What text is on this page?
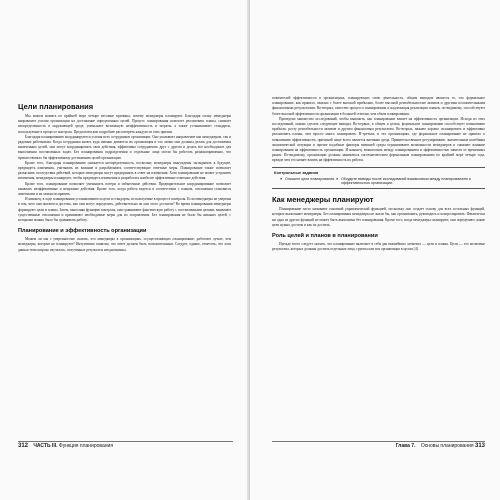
Цели планирования

Мы можем назвать по крайней мере четыре весомые причины, почему менеджеры планируют. Благодаря плану менеджеры направляют усилия организации на достижение определенных целей. Процесс планирования помогает реализовать планы, снижает неопределенность в окружающей среде, уменьшает возможную неэффективность и затраты, а также устанавливает стандарты, используемые в процессе контроля. Предлагаем вам подробнее рассмотреть каждую из этих причин.

Благодаря планированию координируются усилия всех сотрудников организации. Оно указывает направление как менеджерам, так и рядовым работникам. Когда сотрудники знают, куда именно движется их организация и что лично они должны делать для достижения намеченных целей, они могут координировать свои действия, эффективно сотрудничать друг с другом и делать все необходимое для выполнения поставленных задач. Без планирования подразделения и отдельные лица могли бы работать разнонаправленно, что препятствовало бы эффективному достижению целей организации.

Кроме того, благодаря планированию снижается неопределенность, поскольку менеджеры вынуждены заглядывать в будущее, предвидеть изменения, учитывать их влияние и разрабатывать соответствующие ответные меры. Планирование также позволяет разъяснить последствия действий, которые менеджеры могут предпринять в ответ на изменения. Хотя планирование не может устранить изменения, менеджеры планируют, чтобы предвидеть изменения и разработать наиболее эффективные ответные действия.

Кроме того, планирование позволяет уменьшить потери и избыточные действия. Предварительное координирование позволяет выявлять неэффективные и ненужные действия. Кроме того, когда работа ведется в соответствии с планом, отклонения становятся заметными и их можно исправить.

И наконец, в ходе планирования устанавливаются цели и стандарты, используемые в процессе контроля. Если менеджеры не уверены в том, чего они пытаются достичь, как они могут определить, действительно ли они этого достигли? Во время планирования менеджеры формируют цели и планы. Затем, выполняя функцию контроля, они сравнивают фактическую работу с поставленными целями, выявляют существенные отклонения и принимают необходимые меры для их исправления. Без планирования не было бы никаких целей, с которыми можно было бы сравнивать работу.

Планирование и эффективность организации

Можем ли мы с уверенностью сказать, что менеджеры в организациях, осуществляющих планирование, работают лучше, чем менеджеры, которые не планируют? Интуитивно понятно, что ответ должен быть положительным. Следует, однако, отметить, что хотя данная тема широко изучалась, полученные результаты неоднозначны.

312 ЧАСТЬ III. Функция планирования

показателей эффективности в организациях, планирующих свою деятельность, общим выводом является то, что формальное планирование, как правило, связано с более высокой прибылью, более высокой рентабельностью активов и другими положительными финансовыми результатами. Во-вторых, качество процесса планирования и надлежащая реализация планов, по-видимому, способствуют более высокой эффективности организации в большей степени, чем объем планирования.

Проведено множество исследований, чтобы выяснить, как планирование влияет на эффективность организации. Исходя из этих исследований, можно сделать следующие выводы. Во-первых, в общем и целом, формальное планирование способствует повышению прибыли, росту рентабельности активов и другим финансовым результатам. Во-вторых, важнее хорошо спланировать и эффективно реализовать планы, чем просто много планировать. В-третьих, в тех организациях, где формальное планирование не привело к повышению эффективности, причиной чаще всего является внешняя среда. Правительственное регулирование, значительные колебания экономической ситуации и прочие подобные факторы внешней среды ограничивают возможности менеджеров и снижают влияние планирования на эффективность организации. И наконец, взаимосвязь между планированием и эффективностью зависит от временных рамок. По-видимому, организации должны заниматься систематическим формальным планированием по крайней мере четыре года, прежде чем это начнет влиять на эффективность их работы.

Контрольные задания
● Опишите цели планирования. ● Обсудите выводы после исследований взаимосвязи между планированием и эффективностью организации.
Как менеджеры планируют

Планирование часто называют основной управленческой функцией, поскольку оно создает основу для всех остальных функций, которые выполняют менеджеры. Без планирования менеджеры не знали бы, как организовать, руководить и контролировать. Фактически ни одна из других функций не может быть выполнена без планирования. Кроме того, когда менеджеры планируют, они определяют, какие цели нужно достичь и как их достичь.

Роль целей и планов в планировании

Прежде всего следует сказать, что планирование включает в себя два важнейших элемента — цели и планы. Цели — это желаемые результаты, которых должны достичь отдельные лица, группы или вся организация в целом [4].

Глава 7. Основы планирования 313
